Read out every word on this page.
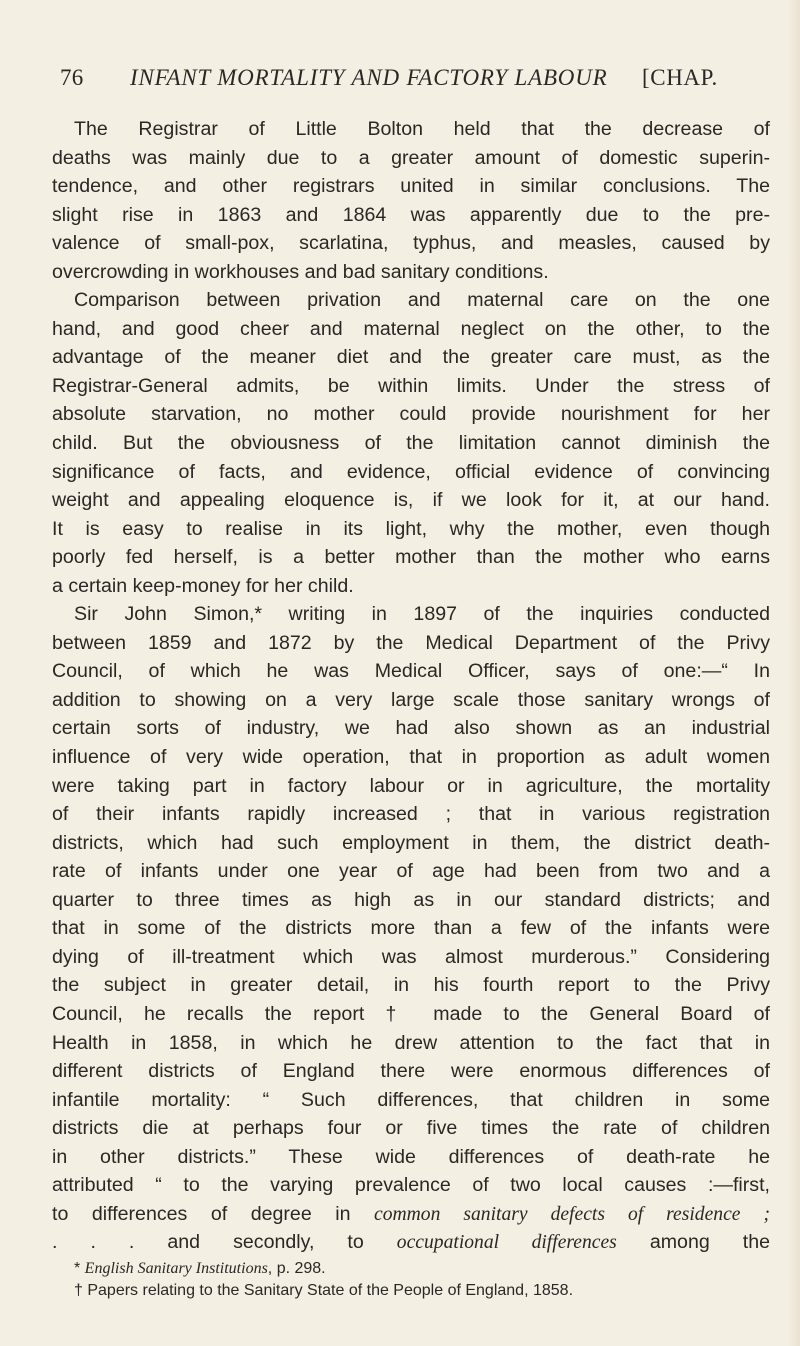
76 INFANT MORTALITY AND FACTORY LABOUR [CHAP.
The Registrar of Little Bolton held that the decrease of
deaths was mainly due to a greater amount of domestic superin-
tendence, and other registrars united in similar conclusions. The
slight rise in 1863 and 1864 was apparently due to the pre-
valence of small-pox, scarlatina, typhus, and measles, caused by
overcrowding in workhouses and bad sanitary conditions.
Comparison between privation and maternal care on the one
hand, and good cheer and maternal neglect on the other, to the
advantage of the meaner diet and the greater care must, as the
Registrar-General admits, be within limits. Under the stress of
absolute starvation, no mother could provide nourishment for her
child. But the obviousness of the limitation cannot diminish the
significance of facts, and evidence, official evidence of convincing
weight and appealing eloquence is, if we look for it, at our hand.
It is easy to realise in its light, why the mother, even though
poorly fed herself, is a better mother than the mother who earns
a certain keep-money for her child.
Sir John Simon,* writing in 1897 of the inquiries conducted
between 1859 and 1872 by the Medical Department of the Privy
Council, of which he was Medical Officer, says of one:—“ In
addition to showing on a very large scale those sanitary wrongs of
certain sorts of industry, we had also shown as an industrial
influence of very wide operation, that in proportion as adult women
were taking part in factory labour or in agriculture, the mortality
of their infants rapidly increased ; that in various registration
districts, which had such employment in them, the district death-
rate of infants under one year of age had been from two and a
quarter to three times as high as in our standard districts; and
that in some of the districts more than a few of the infants were
dying of ill-treatment which was almost murderous.” Considering
the subject in greater detail, in his fourth report to the Privy
Council, he recalls the report † made to the General Board of
Health in 1858, in which he drew attention to the fact that in
different districts of England there were enormous differences of
infantile mortality: “ Such differences, that children in some
districts die at perhaps four or five times the rate of children
in other districts.” These wide differences of death-rate he
attributed “ to the varying prevalence of two local causes :—first,
to differences of degree in common sanitary defects of residence ;
. . . and secondly, to occupational differences among the
* English Sanitary Institutions, p. 298.
† Papers relating to the Sanitary State of the People of England, 1858.
